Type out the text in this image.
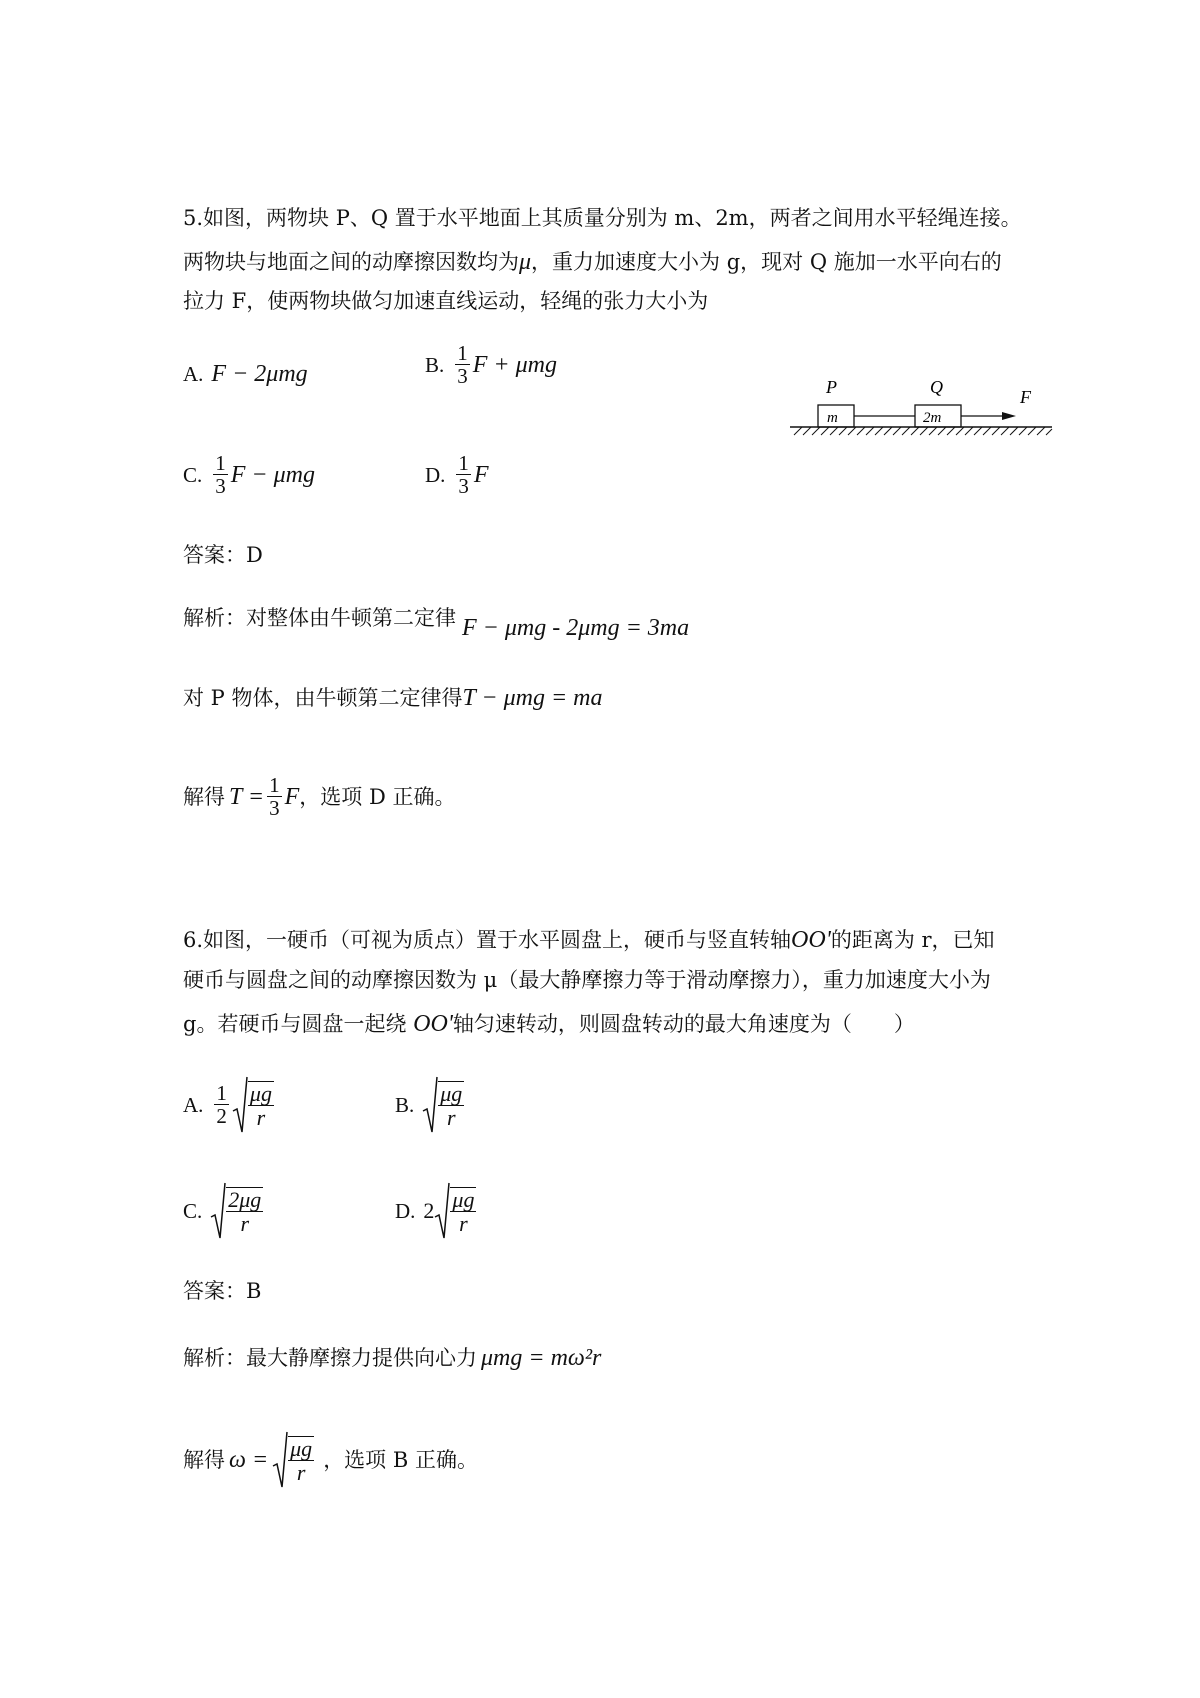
5.如图，两物块 P、Q 置于水平地面上其质量分别为 m、2m，两者之间用水平轻绳连接。
两物块与地面之间的动摩擦因数均为μ，重力加速度大小为 g，现对 Q 施加一水平向右的
拉力 F，使两物块做匀加速直线运动，轻绳的张力大小为
A. F − 2μmg	B. $\frac{1}{3}$ F + μmg
C. $\frac{1}{3}$ F − μmg	D. $\frac{1}{3}$ F
P	Q	F
m	2m
答案：D
解析：对整体由牛顿第二定律 F − μmg - 2μmg = 3ma
对 P 物体，由牛顿第二定律得T − μmg = ma
解得 $T = \frac{1}{3}$ F ，选项 D 正确。
6.如图，一硬币（可视为质点）置于水平圆盘上，硬币与竖直转轴OO'的距离为 r，已知
硬币与圆盘之间的动摩擦因数为 μ（最大静摩擦力等于滑动摩擦力），重力加速度大小为
g。若硬币与圆盘一起绕 OO'轴匀速转动，则圆盘转动的最大角速度为（　　）
A. $\frac{1}{2} \frac{\mu g}{r}$	B. $\frac{\mu g}{r}$
C. $\frac{2\mu g}{r}$	D. $2 \frac{\mu g}{r}$
答案：B
解析：最大静摩擦力提供向心力 μmg = mω²r
解得 $\omega = \frac{\mu g}{r}$ ，选项 B 正确。
